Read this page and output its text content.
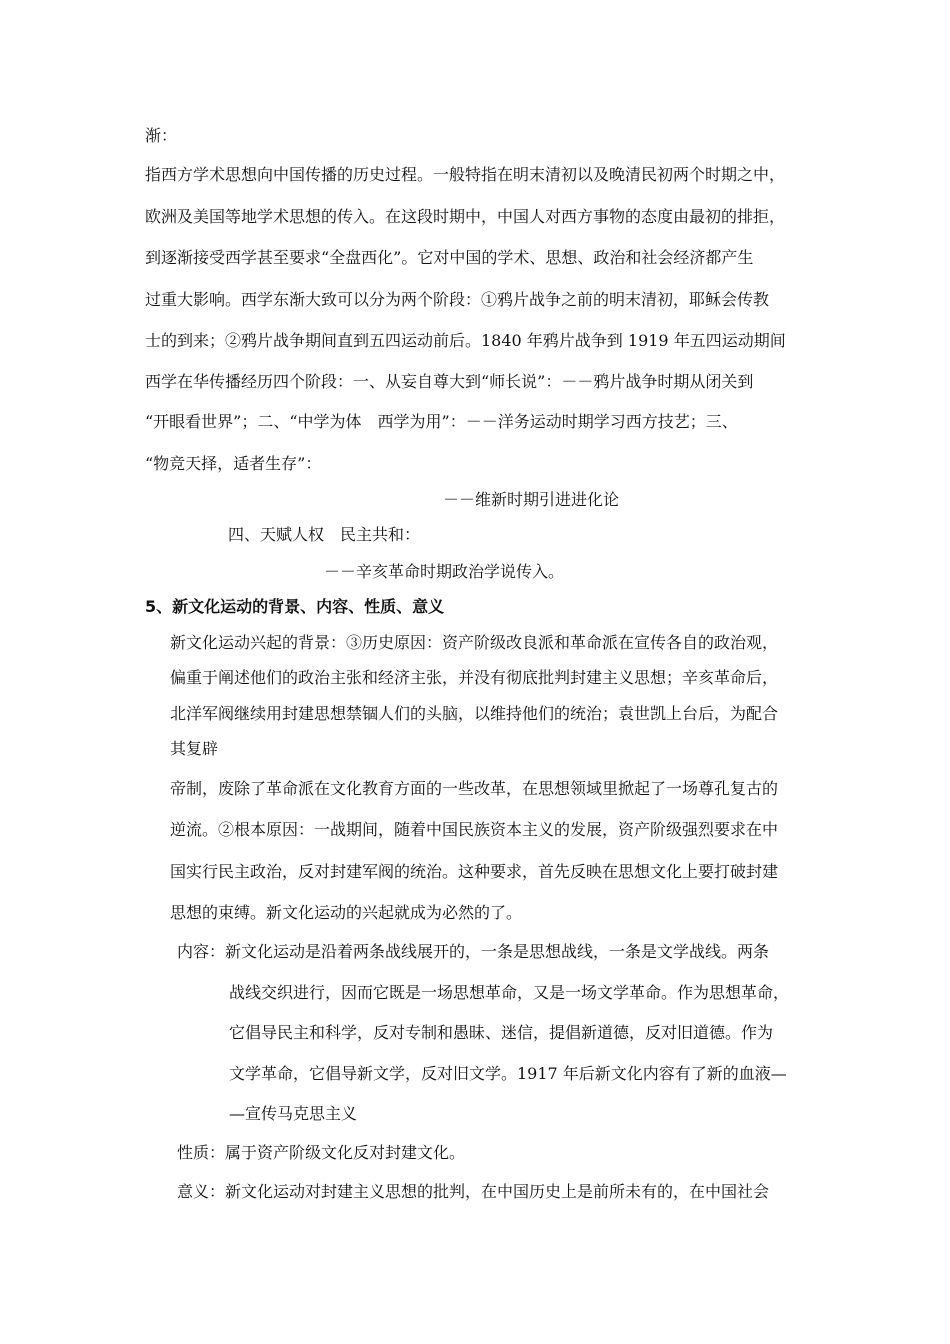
渐：
指西方学术思想向中国传播的历史过程。一般特指在明末清初以及晚清民初两个时期之中，
欧洲及美国等地学术思想的传入。在这段时期中，中国人对西方事物的态度由最初的排拒，
到逐渐接受西学甚至要求“全盘西化”。它对中国的学术、思想、政治和社会经济都产生
过重大影响。西学东渐大致可以分为两个阶段：①鸦片战争之前的明末清初，耶稣会传教
士的到来；②鸦片战争期间直到五四运动前后。1840 年鸦片战争到 1919 年五四运动期间
西学在华传播经历四个阶段：一、从妄自尊大到“师长说”：－－鸦片战争时期从闭关到
“开眼看世界”；二、“中学为体　西学为用”：－－洋务运动时期学习西方技艺；三、
“物竞天择，适者生存”：
－－维新时期引进进化论
四、天赋人权　民主共和：
－－辛亥革命时期政治学说传入。
5、新文化运动的背景、内容、性质、意义
新文化运动兴起的背景：③历史原因：资产阶级改良派和革命派在宣传各自的政治观，
偏重于阐述他们的政治主张和经济主张，并没有彻底批判封建主义思想；辛亥革命后，
北洋军阀继续用封建思想禁锢人们的头脑，以维持他们的统治；袁世凯上台后，为配合
其复辟
帝制，废除了革命派在文化教育方面的一些改革，在思想领域里掀起了一场尊孔复古的
逆流。②根本原因：一战期间，随着中国民族资本主义的发展，资产阶级强烈要求在中
国实行民主政治，反对封建军阀的统治。这种要求，首先反映在思想文化上要打破封建
思想的束缚。新文化运动的兴起就成为必然的了。
内容：新文化运动是沿着两条战线展开的，一条是思想战线，一条是文学战线。两条
战线交织进行，因而它既是一场思想革命，又是一场文学革命。作为思想革命，
它倡导民主和科学，反对专制和愚昧、迷信，提倡新道德，反对旧道德。作为
文学革命，它倡导新文学，反对旧文学。1917 年后新文化内容有了新的血液—
—宣传马克思主义
性质：属于资产阶级文化反对封建文化。
意义：新文化运动对封建主义思想的批判，在中国历史上是前所未有的，在中国社会
